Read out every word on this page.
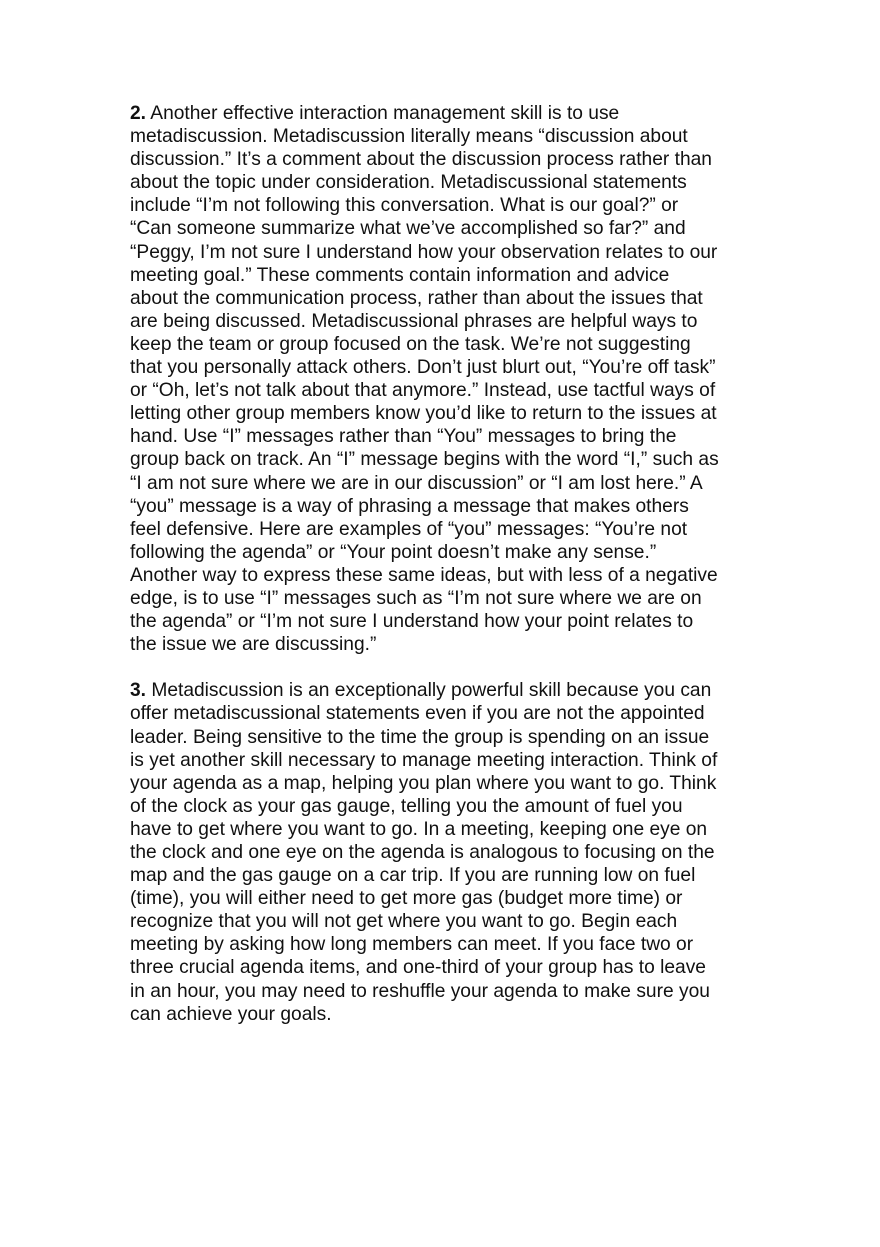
2. Another effective interaction management skill is to use
metadiscussion. Metadiscussion literally means “discussion about
discussion.” It’s a comment about the discussion process rather than
about the topic under consideration. Metadiscussional statements
include “I’m not following this conversation. What is our goal?” or
“Can someone summarize what we’ve accomplished so far?” and
“Peggy, I’m not sure I understand how your observation relates to our
meeting goal.” These comments contain information and advice
about the communication process, rather than about the issues that
are being discussed. Metadiscussional phrases are helpful ways to
keep the team or group focused on the task. We’re not suggesting
that you personally attack others. Don’t just blurt out, “You’re off task”
or “Oh, let’s not talk about that anymore.” Instead, use tactful ways of
letting other group members know you’d like to return to the issues at
hand. Use “I” messages rather than “You” messages to bring the
group back on track. An “I” message begins with the word “I,” such as
“I am not sure where we are in our discussion” or “I am lost here.” A
“you” message is a way of phrasing a message that makes others
feel defensive. Here are examples of “you” messages: “You’re not
following the agenda” or “Your point doesn’t make any sense.”
Another way to express these same ideas, but with less of a negative
edge, is to use “I” messages such as “I’m not sure where we are on
the agenda” or “I’m not sure I understand how your point relates to
the issue we are discussing.”

3. Metadiscussion is an exceptionally powerful skill because you can
offer metadiscussional statements even if you are not the appointed
leader. Being sensitive to the time the group is spending on an issue
is yet another skill necessary to manage meeting interaction. Think of
your agenda as a map, helping you plan where you want to go. Think
of the clock as your gas gauge, telling you the amount of fuel you
have to get where you want to go. In a meeting, keeping one eye on
the clock and one eye on the agenda is analogous to focusing on the
map and the gas gauge on a car trip. If you are running low on fuel
(time), you will either need to get more gas (budget more time) or
recognize that you will not get where you want to go. Begin each
meeting by asking how long members can meet. If you face two or
three crucial agenda items, and one-third of your group has to leave
in an hour, you may need to reshuffle your agenda to make sure you
can achieve your goals.
